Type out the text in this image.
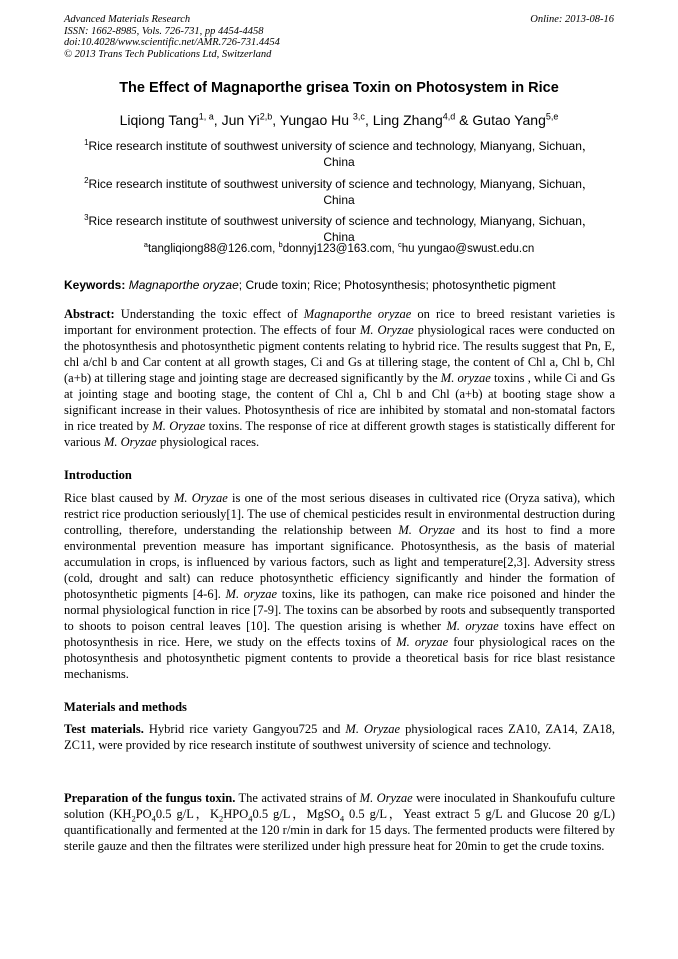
Advanced Materials Research
ISSN: 1662-8985, Vols. 726-731, pp 4454-4458
doi:10.4028/www.scientific.net/AMR.726-731.4454
© 2013 Trans Tech Publications Ltd, Switzerland
Online: 2013-08-16
The Effect of Magnaporthe grisea Toxin on Photosystem in Rice
Liqiong Tang$^{1, a}$, Jun Yi$^{2,b}$, Yungao Hu $^{3,c}$, Ling Zhang$^{4,d}$ & Gutao Yang$^{5,e}$
$^1$Rice research institute of southwest university of science and technology, Mianyang, Sichuan，
China
$^2$Rice research institute of southwest university of science and technology, Mianyang, Sichuan，
China
$^3$Rice research institute of southwest university of science and technology, Mianyang, Sichuan，
China
$^a$tangliqiong88@126.com, $^b$donnyj123@163.com, $^c$hu yungao@swust.edu.cn
Keywords: Magnaporthe oryzae; Crude toxin; Rice; Photosynthesis; photosynthetic pigment
Abstract: Understanding the toxic effect of Magnaporthe oryzae on rice to breed resistant varieties is important for environment protection. The effects of four M. Oryzae physiological races were conducted on the photosynthesis and photosynthetic pigment contents relating to hybrid rice. The results suggest that Pn, E, chl a/chl b and Car content at all growth stages, Ci and Gs at tillering stage, the content of Chl a, Chl b, Chl (a+b) at tillering stage and jointing stage are decreased significantly by the M. oryzae toxins , while Ci and Gs at jointing stage and booting stage, the content of Chl a, Chl b and Chl (a+b) at booting stage show a significant increase in their values. Photosynthesis of rice are inhibited by stomatal and non-stomatal factors in rice treated by M. Oryzae toxins. The response of rice at different growth stages is statistically different for various M. Oryzae physiological races.
Introduction
Rice blast caused by M. Oryzae is one of the most serious diseases in cultivated rice (Oryza sativa), which restrict rice production seriously[1]. The use of chemical pesticides result in environmental destruction during controlling, therefore, understanding the relationship between M. Oryzae and its host to find a more environmental prevention measure has important significance. Photosynthesis, as the basis of material accumulation in crops, is influenced by various factors, such as light and temperature[2,3]. Adversity stress (cold, drought and salt) can reduce photosynthetic efficiency significantly and hinder the formation of photosynthetic pigments [4-6]. M. oryzae toxins, like its pathogen, can make rice poisoned and hinder the normal physiological function in rice [7-9]. The toxins can be absorbed by roots and subsequently transported to shoots to poison central leaves [10]. The question arising is whether M. oryzae toxins have effect on photosynthesis in rice. Here, we study on the effects toxins of M. oryzae four physiological races on the photosynthesis and photosynthetic pigment contents to provide a theoretical basis for rice blast resistance mechanisms.
Materials and methods
Test materials. Hybrid rice variety Gangyou725 and M. Oryzae physiological races ZA10, ZA14, ZA18, ZC11, were provided by rice research institute of southwest university of science and technology.
Preparation of the fungus toxin. The activated strains of M. Oryzae were inoculated in Shankoufufu culture solution ($KH_2PO_40.5$ g/L，$K_2HPO_40.5$ g/L，MgSO$_4$ 0.5 g/L，Yeast extract 5 g/L and Glucose 20 g/L) quantificationally and fermented at the 120 r/min in dark for 15 days. The fermented products were filtered by sterile gauze and then the filtrates were sterilized under high pressure heat for 20min to get the crude toxins.
